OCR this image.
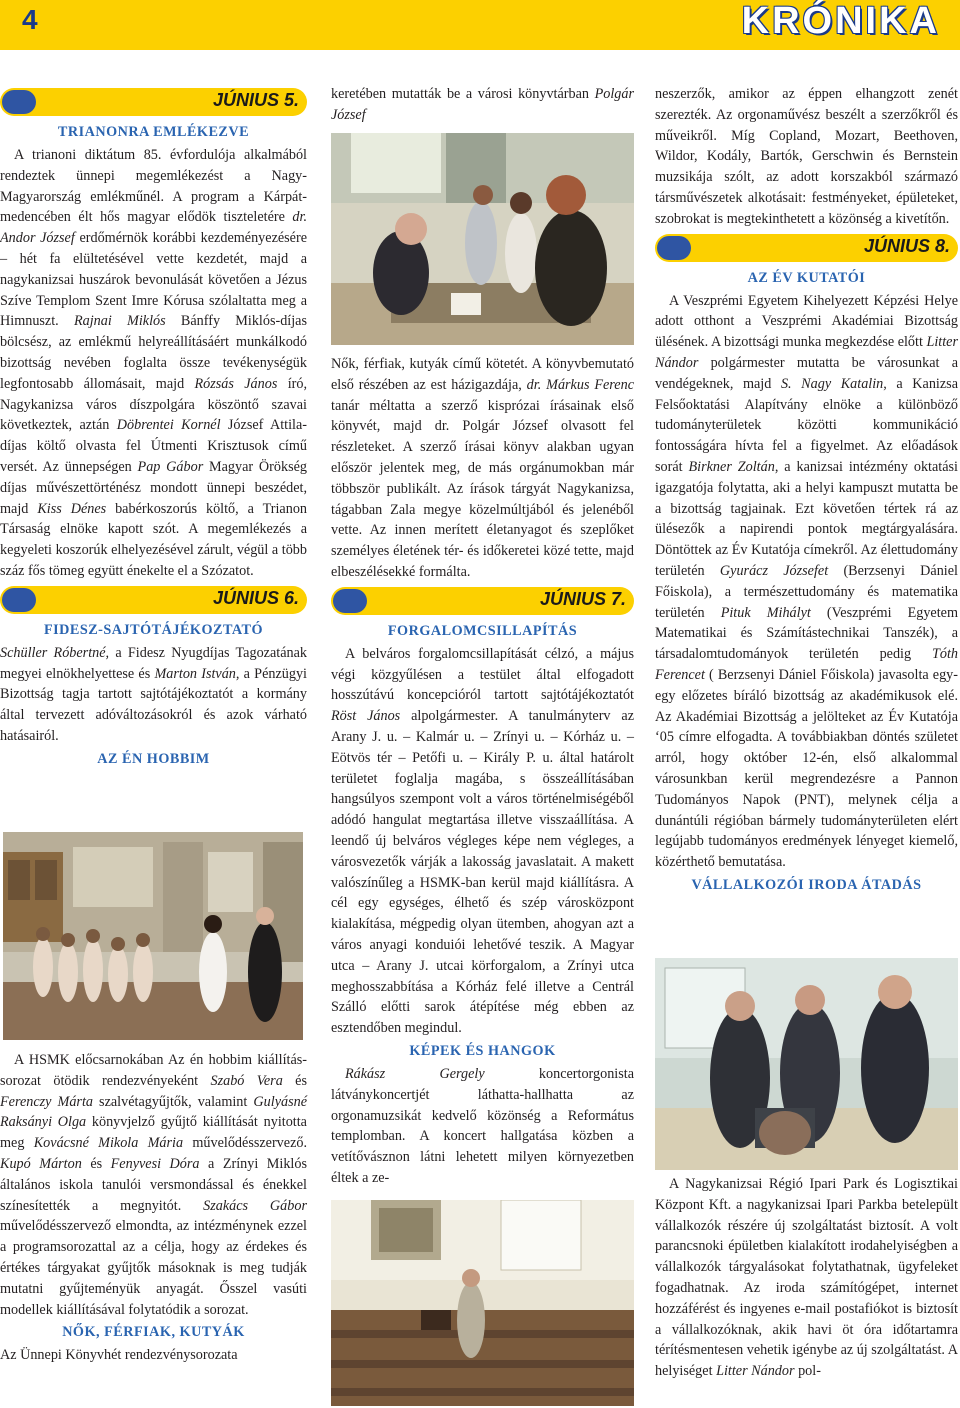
4	KRÓNIKA
JÚNIUS 5.
TRIANONRA EMLÉKEZVE

A trianoni diktátum 85. évfordulója alkalmából rendeztek ünnepi megemlékezést a Nagy-Magyarország emlékműnél. A program a Kárpát-medencében élt hős magyar elődök tiszteletére dr. Andor József erdőmérnök korábbi kezdeményezésére – hét fa elültetésével vette kezdetét, majd a nagykanizsai huszárok bevonulását követően a Jézus Szíve Templom Szent Imre Kórusa szólaltatta meg a Himnuszt. Rajnai Miklós Bánffy Miklós-díjas bölcsész, az emlékmű helyreállításáért munkálkodó bizottság nevében foglalta össze tevékenységük legfontosabb állomásait, majd Rózsás János író, Nagykanizsa város díszpolgára köszöntő szavai következtek, aztán Döbrentei Kornél József Attila-díjas költő olvasta fel Útmenti Krisztusok című versét. Az ünnepségen Pap Gábor Magyar Örökség díjas művészettörténész mondott ünnepi beszédet, majd Kiss Dénes babérkoszorús költő, a Trianon Társaság elnöke kapott szót. A megemlékezés a kegyeleti koszorúk elhelyezésével zárult, végül a több száz fős tömeg együtt énekelte el a Szózatot.

JÚNIUS 6.
FIDESZ-SAJTÓTÁJÉKOZTATÓ

Schüller Róbertné, a Fidesz Nyugdíjas Tagozatának megyei elnökhelyettese és Marton István, a Pénzügyi Bizottság tagja tartott sajtótájékoztatót a kormány által tervezett adóváltozásokról és azok várható hatásairól.

AZ ÉN HOBBIM

A HSMK előcsarnokában Az én hobbim kiállítás-sorozat ötödik rendezvényeként Szabó Vera és Ferenczy Márta szalvétagyűjtők, valamint Gulyásné Raksányi Olga könyvjelző gyűjtő kiállítását nyitotta meg Kovácsné Mikola Mária művelődésszervező. Kupó Márton és Fenyvesi Dóra a Zrínyi Miklós általános iskola tanulói versmondással és énekkel színesítették a megnyitót. Szakács Gábor művelődésszervező elmondta, az intézménynek ezzel a programsorozattal az a célja, hogy az érdekes és értékes tárgyakat gyűjtők másoknak is meg tudják mutatni gyűjteményük anyagát. Ősszel vasúti modellek kiállításával folytatódik a sorozat.

NŐK, FÉRFIAK, KUTYÁK

Az Ünnepi Könyvhét rendezvénysorozata

keretében mutatták be a városi könyvtárban Polgár József

Nők, férfiak, kutyák című kötetét. A könyvbemutató első részében az est házigazdája, dr. Márkus Ferenc tanár méltatta a szerző kisprózai írásainak első könyvét, majd dr. Polgár József olvasott fel részleteket. A szerző írásai könyv alakban ugyan először jelentek meg, de más orgánumokban már többször publikált. Az írások tárgyát Nagykanizsa, tágabban Zala megye közelmúltjából és jelenéből vette. Az innen merített életanyagot és szeplőket személyes életének tér- és időkeretei közé tette, majd elbeszélésekké formálta.

JÚNIUS 7.
FORGALOMCSILLAPÍTÁS

A belváros forgalomcsillapítását célzó, a május végi közgyűlésen a testület által elfogadott hosszútávú koncepcióról tartott sajtótájékoztatót Röst János alpolgármester. A tanulmányterv az Arany J. u. – Kalmár u. – Zrínyi u. – Kórház u. – Eötvös tér – Petőfi u. – Király P. u. által határolt területet foglalja magába, s összeállításában hangsúlyos szempont volt a város történelmiségéből adódó hangulat megtartása illetve visszaállítása. A leendő új belváros végleges képe nem végleges, a városvezetők várják a lakosság javaslatait. A makett valószínűleg a HSMK-ban kerül majd kiállításra. A cél egy egységes, élhető és szép városközpont kialakítása, mégpedig olyan ütemben, ahogyan azt a város anyagi konduiói lehetővé teszik. A Magyar utca – Arany J. utcai körforgalom, a Zrínyi utca meghosszabbítása a Kórház felé illetve a Centrál Szálló előtti sarok átépítése még ebben az esztendőben megindul.

KÉPEK ÉS HANGOK

Rákász Gergely koncertorgonista látványkoncertjét láthatta-hallhatta az orgonamuzsikát kedvelő közönség a Református templomban. A koncert hallgatása közben a vetítővásznon látni lehetett milyen környezetben éltek a ze-

neszerzők, amikor az éppen elhangzott zenét szerezték. Az orgonaművész beszélt a szerzőkről és műveikről. Míg Copland, Mozart, Beethoven, Wildor, Kodály, Bartók, Gerschwin és Bernstein muzsikája szólt, az adott korszakból származó társművészetek alkotásait: festményeket, épületeket, szobrokat is megtekinthetett a közönség a kivetítőn.

JÚNIUS 8.
AZ ÉV KUTATÓI

A Veszprémi Egyetem Kihelyezett Képzési Helye adott otthont a Veszprémi Akadémiai Bizottság ülésének. A bizottsági munka megkezdése előtt Litter Nándor polgármester mutatta be városunkat a vendégeknek, majd S. Nagy Katalin, a Kanizsa Felsőoktatási Alapítvány elnöke a különböző tudományterületek közötti kommunikáció fontosságára hívta fel a figyelmet. Az előadások sorát Birkner Zoltán, a kanizsai intézmény oktatási igazgatója folytatta, aki a helyi kampuszt mutatta be a bizottság tagjainak. Ezt követően tértek rá az ülésezők a napirendi pontok megtárgyalására. Döntöttek az Év Kutatója címekről. Az élettudomány területén Gyurácz Józsefet (Berzsenyi Dániel Főiskola), a természettudomány és matematika területén Pituk Mihályt (Veszprémi Egyetem Matematikai és Számítástechnikai Tanszék), a társadalomtudományok területén pedig Tóth Ferencet ( Berzsenyi Dániel Főiskola) javasolta egy-egy előzetes bíráló bizottság az akadémikusok elé. Az Akadémiai Bizottság a jelölteket az Év Kutatója ‘05 címre elfogadta. A továbbiakban döntés születet arról, hogy október 12-én, első alkalommal városunkban kerül megrendezésre a Pannon Tudományos Napok (PNT), melynek célja a dunántúli régióban bármely tudományterületen elért legújabb tudományos eredmények lényeget kiemelő, közérthető bemutatása.

VÁLLALKOZÓI IRODA ÁTADÁS

A Nagykanizsai Régió Ipari Park és Logisztikai Központ Kft. a nagykanizsai Ipari Parkba betelepült vállalkozók részére új szolgáltatást biztosít. A volt parancsnoki épületben kialakított irodahelyiségben a vállalkozók tárgyalásokat folytathatnak, ügyfeleket fogadhatnak. Az iroda számítógépet, internet hozzáférést és ingyenes e-mail postafiókot is biztosít a vállalkozóknak, akik havi öt óra időtartamra térítésmentesen vehetik igénybe az új szolgáltatást. A helyiséget Litter Nándor pol-
